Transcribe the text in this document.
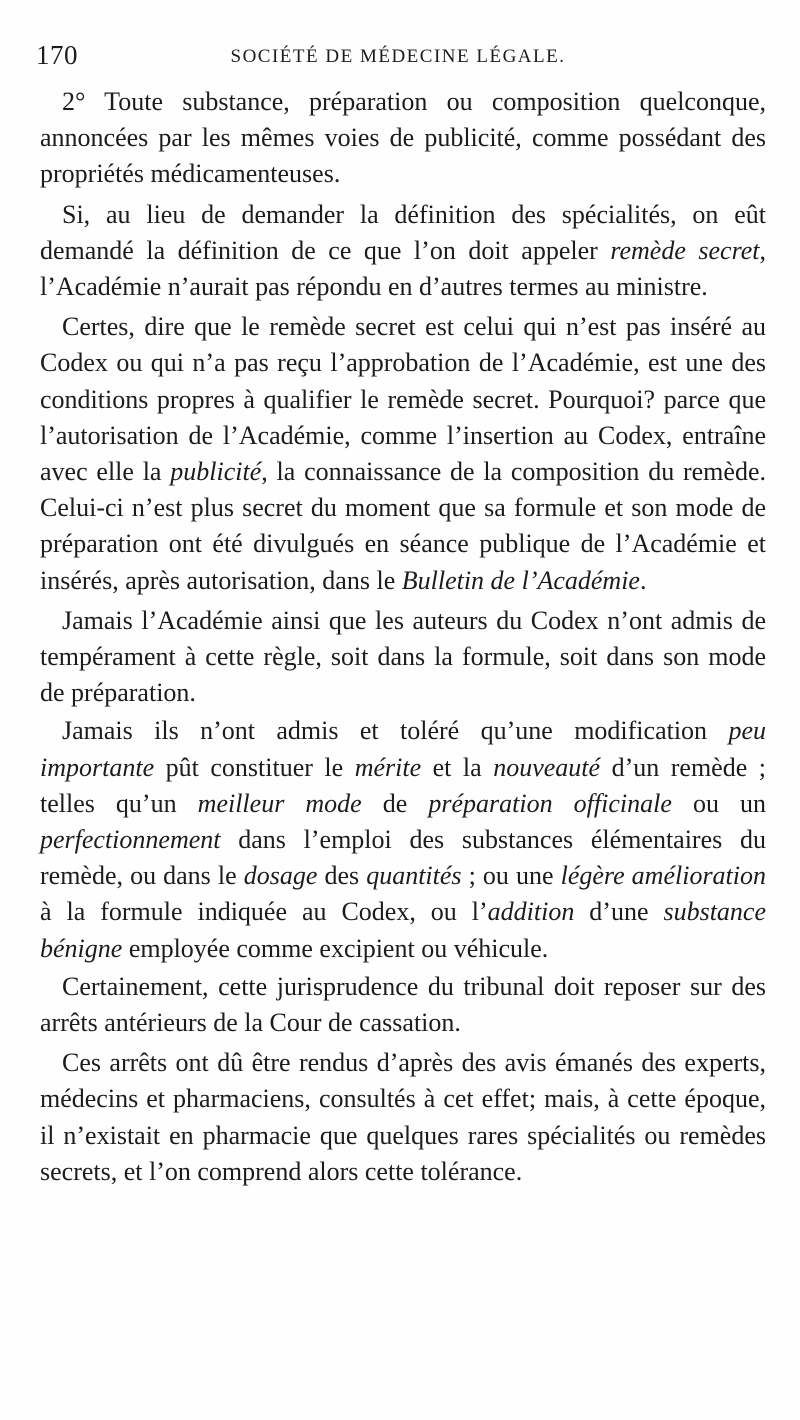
170	SOCIÉTÉ DE MÉDECINE LÉGALE.

2° Toute substance, préparation ou composition quelconque, annoncées par les mêmes voies de publicité, comme possédant des propriétés médicamenteuses.

Si, au lieu de demander la définition des spécialités, on eût demandé la définition de ce que l’on doit appeler remède secret, l’Académie n’aurait pas répondu en d’autres termes au ministre.

Certes, dire que le remède secret est celui qui n’est pas inséré au Codex ou qui n’a pas reçu l’approbation de l’Académie, est une des conditions propres à qualifier le remède secret. Pourquoi? parce que l’autorisation de l’Académie, comme l’insertion au Codex, entraîne avec elle la publicité, la connaissance de la composition du remède. Celui-ci n’est plus secret du moment que sa formule et son mode de préparation ont été divulgués en séance publique de l’Académie et insérés, après autorisation, dans le Bulletin de l’Académie.

Jamais l’Académie ainsi que les auteurs du Codex n’ont admis de tempérament à cette règle, soit dans la formule, soit dans son mode de préparation.

Jamais ils n’ont admis et toléré qu’une modification peu importante pût constituer le mérite et la nouveauté d’un remède ; telles qu’un meilleur mode de préparation officinale ou un perfectionnement dans l’emploi des substances élémentaires du remède, ou dans le dosage des quantités ; ou une légère amélioration à la formule indiquée au Codex, ou l’addition d’une substance bénigne employée comme excipient ou véhicule.

Certainement, cette jurisprudence du tribunal doit reposer sur des arrêts antérieurs de la Cour de cassation.

Ces arrêts ont dû être rendus d’après des avis émanés des experts, médecins et pharmaciens, consultés à cet effet; mais, à cette époque, il n’existait en pharmacie que quelques rares spécialités ou remèdes secrets, et l’on comprend alors cette tolérance.
